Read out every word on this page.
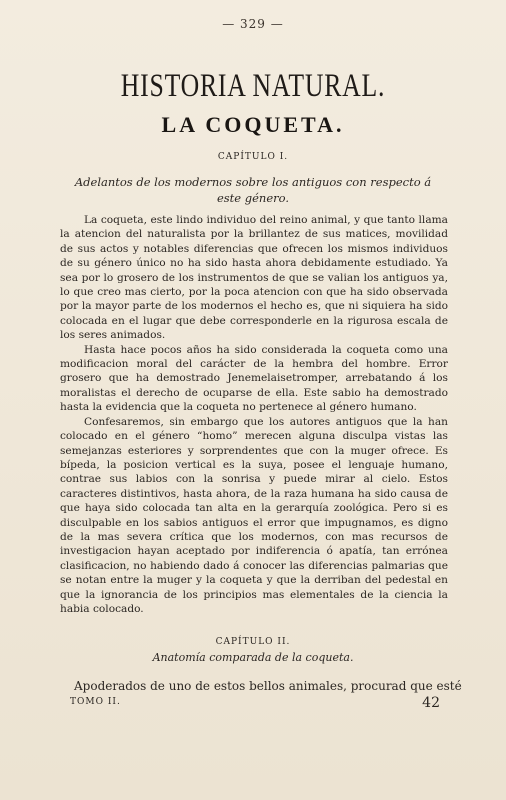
— 329 —
HISTORIA NATURAL.
LA COQUETA.
CAPÍTULO I.
Adelantos de los modernos sobre los antiguos con respecto á este género.

La coqueta, este lindo individuo del reino animal, y que tanto llama la atencion del naturalista por la brillantez de sus matices, movilidad de sus actos y notables diferencias que ofrecen los mismos individuos de su género único no ha sido hasta ahora debidamente estudiado. Ya sea por lo grosero de los instrumentos de que se valian los antiguos ya, lo que creo mas cierto, por la poca atencion con que ha sido observada por la mayor parte de los modernos el hecho es, que ni siquiera ha sido colocada en el lugar que debe corresponderle en la rigurosa escala de los seres animados.

Hasta hace pocos años ha sido considerada la coqueta como una modificacion moral del carácter de la hembra del hombre. Error grosero que ha demostrado Jenemelaisetromper, arrebatando á los moralistas el derecho de ocuparse de ella. Este sabio ha demostrado hasta la evidencia que la coqueta no pertenece al género humano.

Confesaremos, sin embargo que los autores antiguos que la han colocado en el género “homo” merecen alguna disculpa vistas las semejanzas esteriores y sorprendentes que con la muger ofrece. Es bípeda, la posicion vertical es la suya, posee el lenguaje humano, contrae sus labios con la sonrisa y puede mirar al cielo. Estos caracteres distintivos, hasta ahora, de la raza humana ha sido causa de que haya sido colocada tan alta en la gerarquía zoológica. Pero si es disculpable en los sabios antiguos el error que impugnamos, es digno de la mas severa crítica que los modernos, con mas recursos de investigacion hayan aceptado por indiferencia ó apatía, tan errónea clasificacion, no habiendo dado á conocer las diferencias palmarias que se notan entre la muger y la coqueta y que la derriban del pedestal en que la ignorancia de los principios mas elementales de la ciencia la habia colocado.

CAPÍTULO II.
Anatomía comparada de la coqueta.
Apoderados de uno de estos bellos animales, procurad que esté
TOMO II.	42
